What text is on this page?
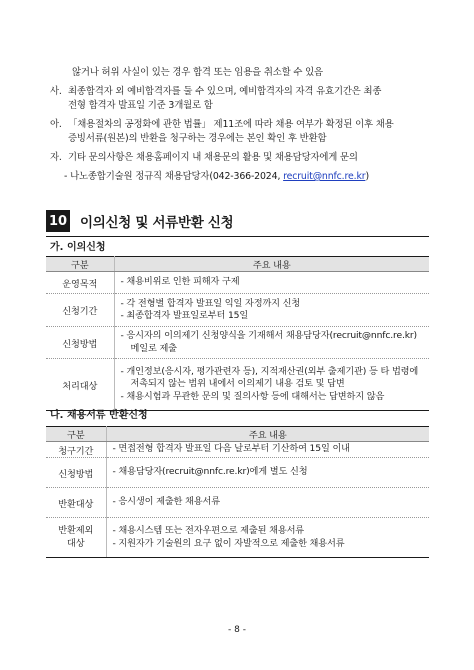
않거나 허위 사실이 있는 경우 합격 또는 임용을 취소할 수 있음
사. 최종합격자 외 예비합격자를 둘 수 있으며, 예비합격자의 자격 유효기간은 최종
전형 합격자 발표일 기준 3개월로 함
아. 「채용절차의 공정화에 관한 법률」 제11조에 따라 채용 여부가 확정된 이후 채용
증빙서류(원본)의 반환을 청구하는 경우에는 본인 확인 후 반환함
자. 기타 문의사항은 채용홈페이지 내 채용문의 활용 및 채용담당자에게 문의
- 나노종합기술원 정규직 채용담당자(042-366-2024, recruit@nnfc.re.kr)
10 이의신청 및 서류반환 신청
가. 이의신청
구분	주요 내용
운영목적	- 채용비위로 인한 피해자 구제

신청기간	- 각 전형별 합격자 발표일 익일 자정까지 신청
- 최종합격자 발표일로부터 15일

신청방법	- 응시자의 이의제기 신청양식을 기재해서 채용담당자(recruit@nnfc.re.kr)
메일로 제출

처리대상	- 개인정보(응시자, 평가관련자 등), 지적재산권(외부 출제기관) 등 타 법령에
저촉되지 않는 범위 내에서 이의제기 내용 검토 및 답변
- 채용시험과 무관한 문의 및 질의사항 등에 대해서는 답변하지 않음
나. 채용서류 반환신청
구분	주요 내용
청구기간	- 면접전형 합격자 발표일 다음 날로부터 기산하여 15일 이내

신청방법	- 채용담당자(recruit@nnfc.re.kr)에게 별도 신청

반환대상	- 응시생이 제출한 채용서류

반환제외
대상	- 채용시스템 또는 전자우편으로 제출된 채용서류
- 지원자가 기술원의 요구 없이 자발적으로 제출한 채용서류
- 8 -
